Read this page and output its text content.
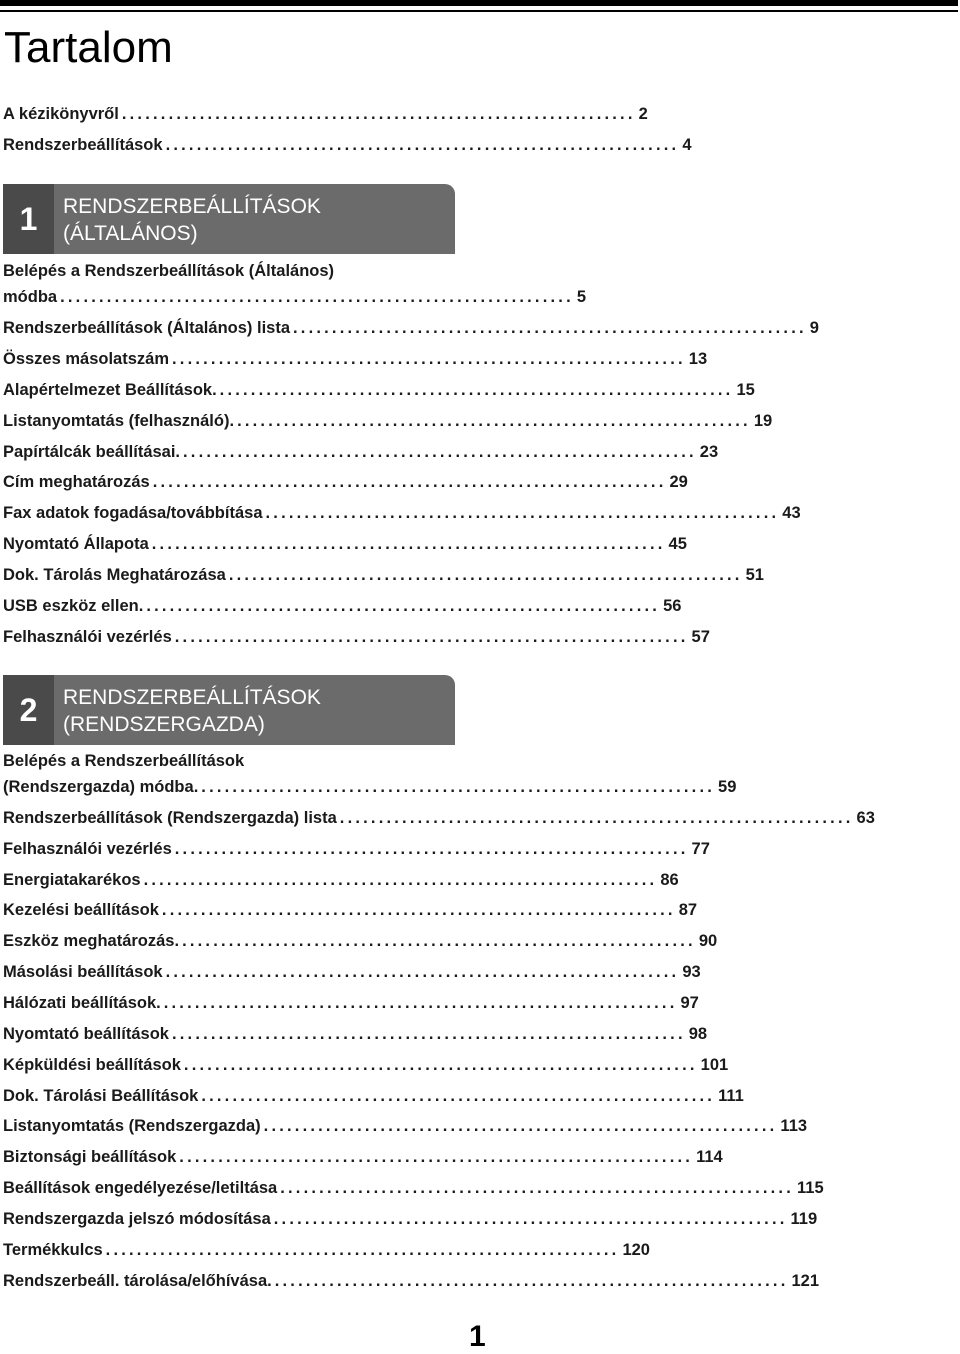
Tartalom
A kézikönyvről .................................................................. 2
Rendszerbeállítások .................................................................. 4
1	RENDSZERBEÁLLÍTÁSOK
(ÁLTALÁNOS)
Belépés a Rendszerbeállítások (Általános)
módba .................................................................. 5
Rendszerbeállítások (Általános) lista .................................................................. 9
Összes másolatszám .................................................................. 13
Alapértelmezet Beállítások. .................................................................. 15
Listanyomtatás (felhasználó). .................................................................. 19
Papírtálcák beállításai. .................................................................. 23
Cím meghatározás .................................................................. 29
Fax adatok fogadása/továbbítása .................................................................. 43
Nyomtató Állapota .................................................................. 45
Dok. Tárolás Meghatározása .................................................................. 51
USB eszköz ellen. .................................................................. 56
Felhasználói vezérlés .................................................................. 57
2	RENDSZERBEÁLLÍTÁSOK
(RENDSZERGAZDA)
Belépés a Rendszerbeállítások
(Rendszergazda) módba. .................................................................. 59
Rendszerbeállítások (Rendszergazda) lista .................................................................. 63
Felhasználói vezérlés .................................................................. 77
Energiatakarékos .................................................................. 86
Kezelési beállítások .................................................................. 87
Eszköz meghatározás. .................................................................. 90
Másolási beállítások .................................................................. 93
Hálózati beállítások. .................................................................. 97
Nyomtató beállítások .................................................................. 98
Képküldési beállítások .................................................................. 101
Dok. Tárolási Beállítások .................................................................. 111
Listanyomtatás (Rendszergazda) .................................................................. 113
Biztonsági beállítások .................................................................. 114
Beállítások engedélyezése/letiltása .................................................................. 115
Rendszergazda jelszó módosítása .................................................................. 119
Termékkulcs .................................................................. 120
Rendszerbeáll. tárolása/előhívása. .................................................................. 121
1
